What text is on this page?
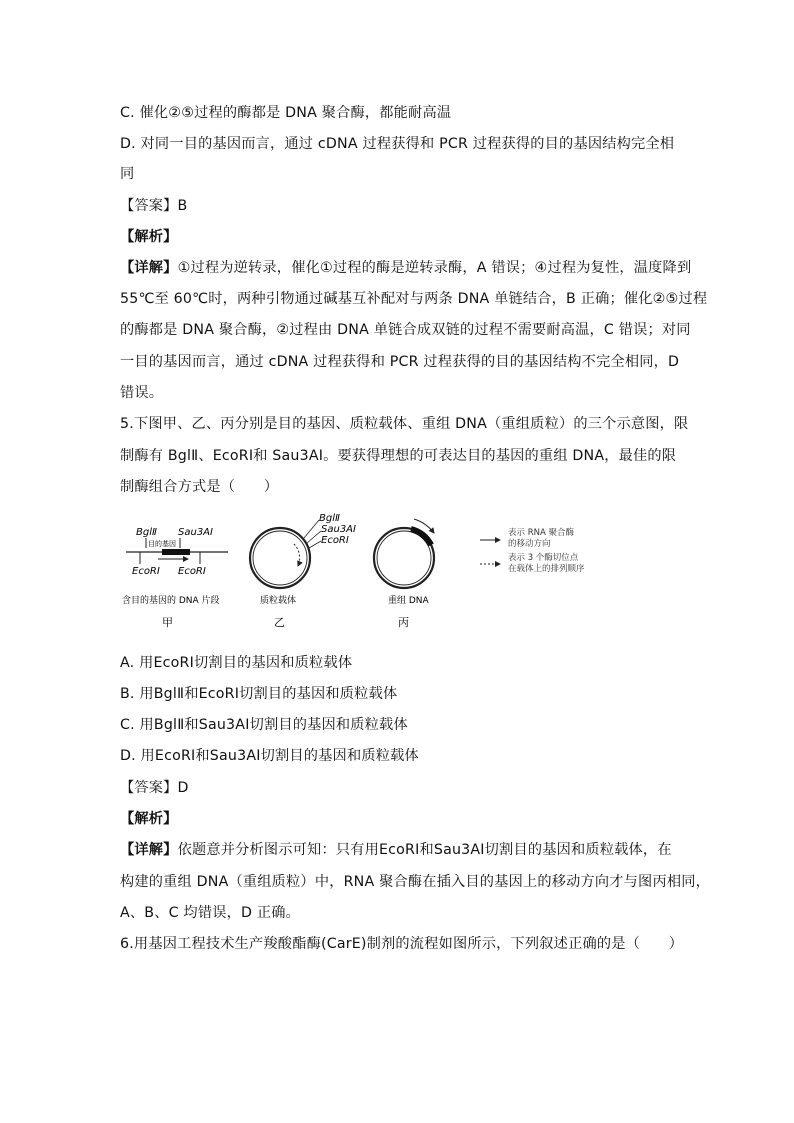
C. 催化②⑤过程的酶都是 DNA 聚合酶，都能耐高温
D. 对同一目的基因而言，通过 cDNA 过程获得和 PCR 过程获得的目的基因结构完全相
同
【答案】B
【解析】
【详解】①过程为逆转录，催化①过程的酶是逆转录酶，A 错误；④过程为复性，温度降到
55℃至 60℃时，两种引物通过碱基互补配对与两条 DNA 单链结合，B 正确；催化②⑤过程
的酶都是 DNA 聚合酶，②过程由 DNA 单链合成双链的过程不需要耐高温，C 错误；对同
一目的基因而言，通过 cDNA 过程获得和 PCR 过程获得的目的基因结构不完全相同，D
错误。
5.下图甲、乙、丙分别是目的基因、质粒载体、重组 DNA（重组质粒）的三个示意图，限
制酶有 BglⅡ、EcoRⅠ和 Sau3AⅠ。要获得理想的可表达目的基因的重组 DNA，最佳的限
制酶组合方式是（　　）
BglⅡ Sau3AⅠ
目的基因
EcoRⅠ EcoRⅠ
含目的基因的 DNA 片段
甲
BglⅡ
Sau3AⅠ
EcoRⅠ
质粒载体
乙
重组 DNA
丙
表示 RNA 聚合酶
的移动方向
表示 3 个酶切位点
在载体上的排列顺序
A. 用EcoRⅠ切割目的基因和质粒载体
B. 用BglⅡ和EcoRⅠ切割目的基因和质粒载体
C. 用BglⅡ和Sau3AⅠ切割目的基因和质粒载体
D. 用EcoRⅠ和Sau3AⅠ切割目的基因和质粒载体
【答案】D
【解析】
【详解】依题意并分析图示可知：只有用EcoRⅠ和Sau3AⅠ切割目的基因和质粒载体，在
构建的重组 DNA（重组质粒）中，RNA 聚合酶在插入目的基因上的移动方向才与图丙相同，
A、B、C 均错误，D 正确。
6.用基因工程技术生产羧酸酯酶(CarE)制剂的流程如图所示，下列叙述正确的是（　　）
